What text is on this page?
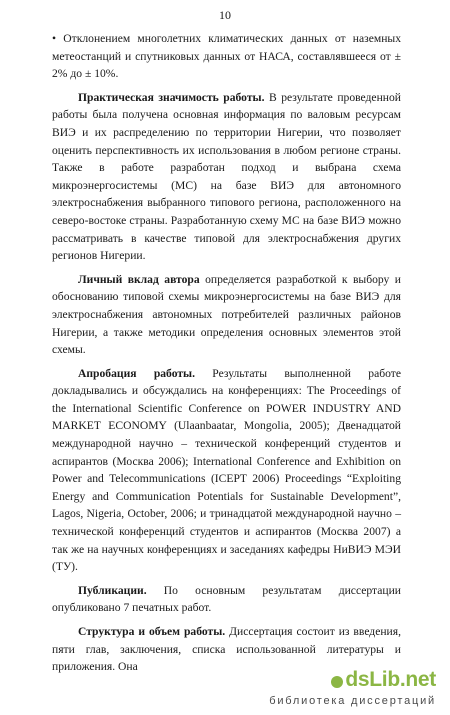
10

• Отклонением многолетних климатических данных от наземных метеостанций и спутниковых данных от НАСА, составлявшееся от ± 2% до ± 10%.

Практическая значимость работы. В результате проведенной работы была получена основная информация по валовым ресурсам ВИЭ и их распределению по территории Нигерии, что позволяет оценить перспективность их использования в любом регионе страны. Также в работе разработан подход и выбрана схема микроэнергосистемы (МС) на базе ВИЭ для автономного электроснабжения выбранного типового региона, расположенного на северо-востоке страны. Разработанную схему МС на базе ВИЭ можно рассматривать в качестве типовой для электроснабжения других регионов Нигерии.

Личный вклад автора определяется разработкой к выбору и обоснованию типовой схемы микроэнергосистемы на базе ВИЭ для электроснабжения автономных потребителей различных районов Нигерии, а также методики определения основных элементов этой схемы.

Апробация работы. Результаты выполненной работе докладывались и обсуждались на конференциях: The Proceedings of the International Scientific Conference on POWER INDUSTRY AND MARKET ECONOMY (Ulaanbaatar, Mongolia, 2005); Двенадцатой международной научно – технической конференций студентов и аспирантов (Москва 2006); International Conference and Exhibition on Power and Telecommunications (ICEPT 2006) Proceedings “Exploiting Energy and Communication Potentials for Sustainable Development”, Lagos, Nigeria, October, 2006; и тринадцатой международной научно – технической конференций студентов и аспирантов (Москва 2007) а так же на научных конференциях и заседаниях кафедры НиВИЭ МЭИ (ТУ).

Публикации. По основным результатам диссертации опубликовано 7 печатных работ.

Структура и объем работы. Диссертация состоит из введения, пяти глав, заключения, списка использованной литературы и приложения. Она

dsLib.net
библиотека диссертаций
